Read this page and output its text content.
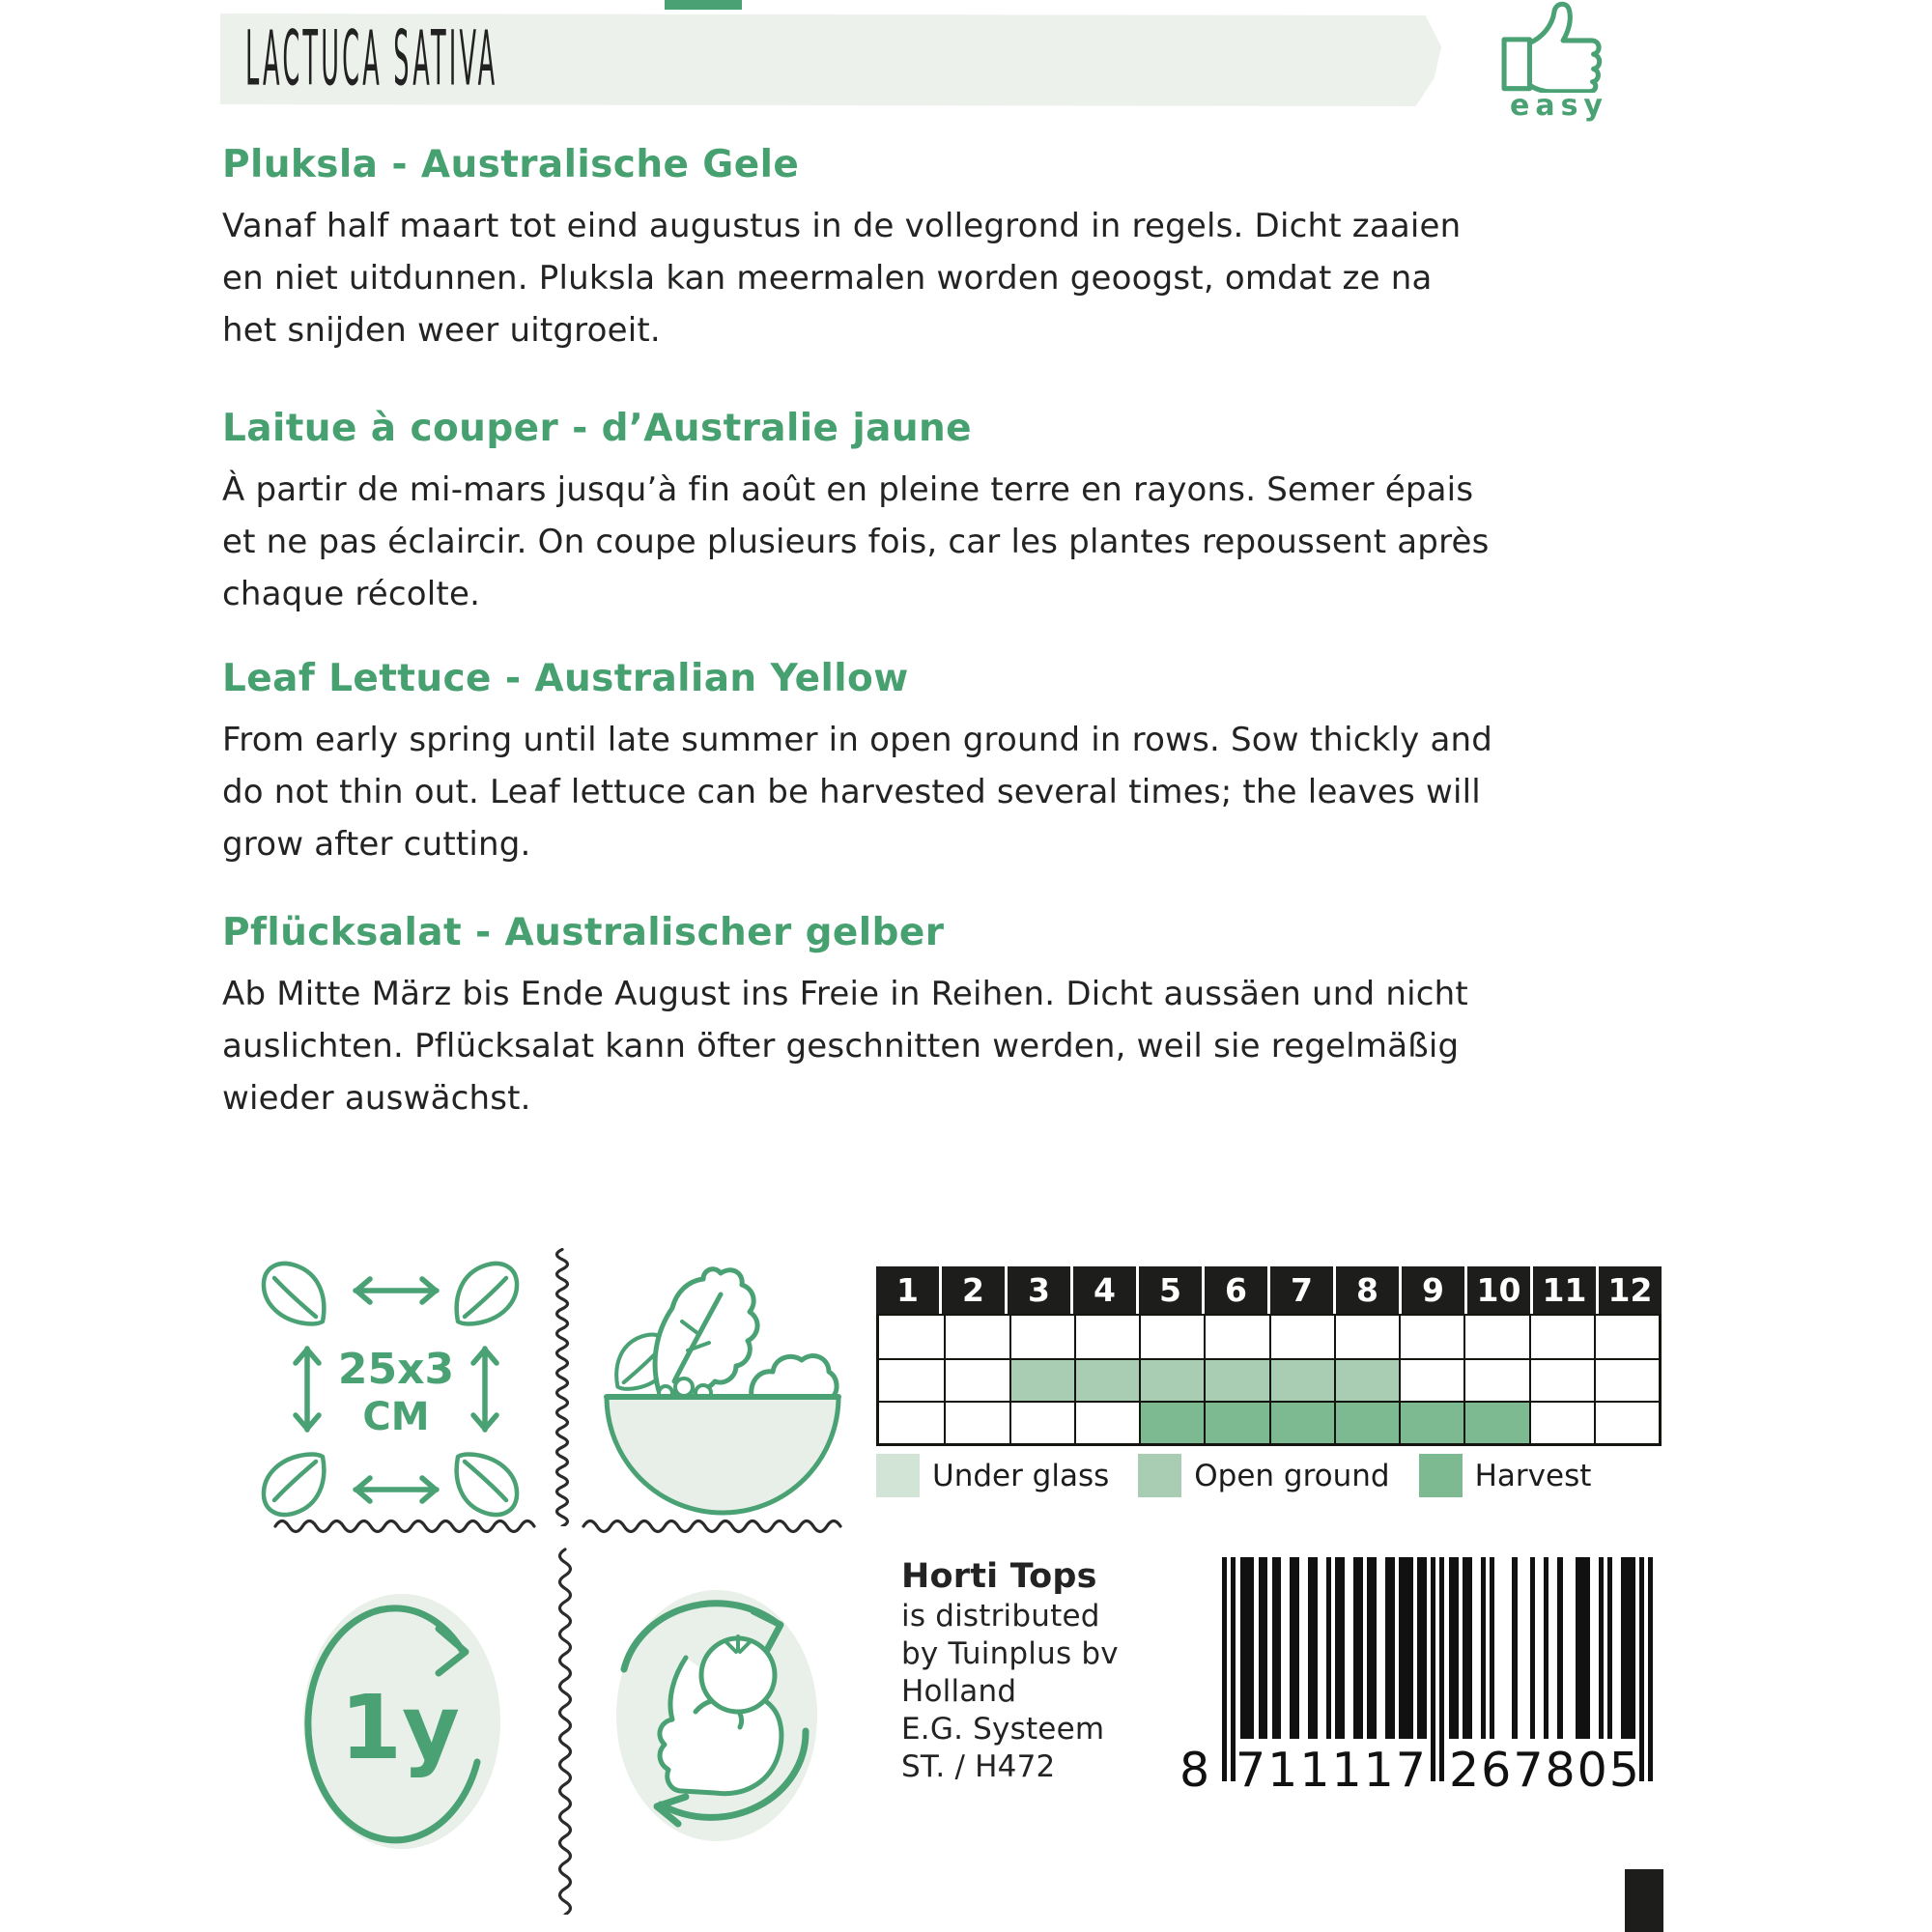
LACTUCA SATIVA
easy
Pluksla - Australische Gele
Vanaf half maart tot eind augustus in de vollegrond in regels. Dicht zaaien
en niet uitdunnen. Pluksla kan meermalen worden geoogst, omdat ze na
het snijden weer uitgroeit.
Laitue à couper - d’Australie jaune
À partir de mi-mars jusqu’à fin août en pleine terre en rayons. Semer épais
et ne pas éclaircir. On coupe plusieurs fois, car les plantes repoussent après
chaque récolte.
Leaf Lettuce - Australian Yellow
From early spring until late summer in open ground in rows. Sow thickly and
do not thin out. Leaf lettuce can be harvested several times; the leaves will
grow after cutting.
Pflücksalat - Australischer gelber
Ab Mitte März bis Ende August ins Freie in Reihen. Dicht aussäen und nicht
auslichten. Pflücksalat kann öfter geschnitten werden, weil sie regelmäßig
wieder auswächst.
25x3
CM
1y
1	2	3	4	5	6	7	8	9	10 11 12
Under glass	Open ground	Harvest
Horti Tops
is distributed
by Tuinplus bv
Holland
E.G. Systeem
ST. / H472	8 7 1 1 1 1 7 2 6 7 8 0 5
